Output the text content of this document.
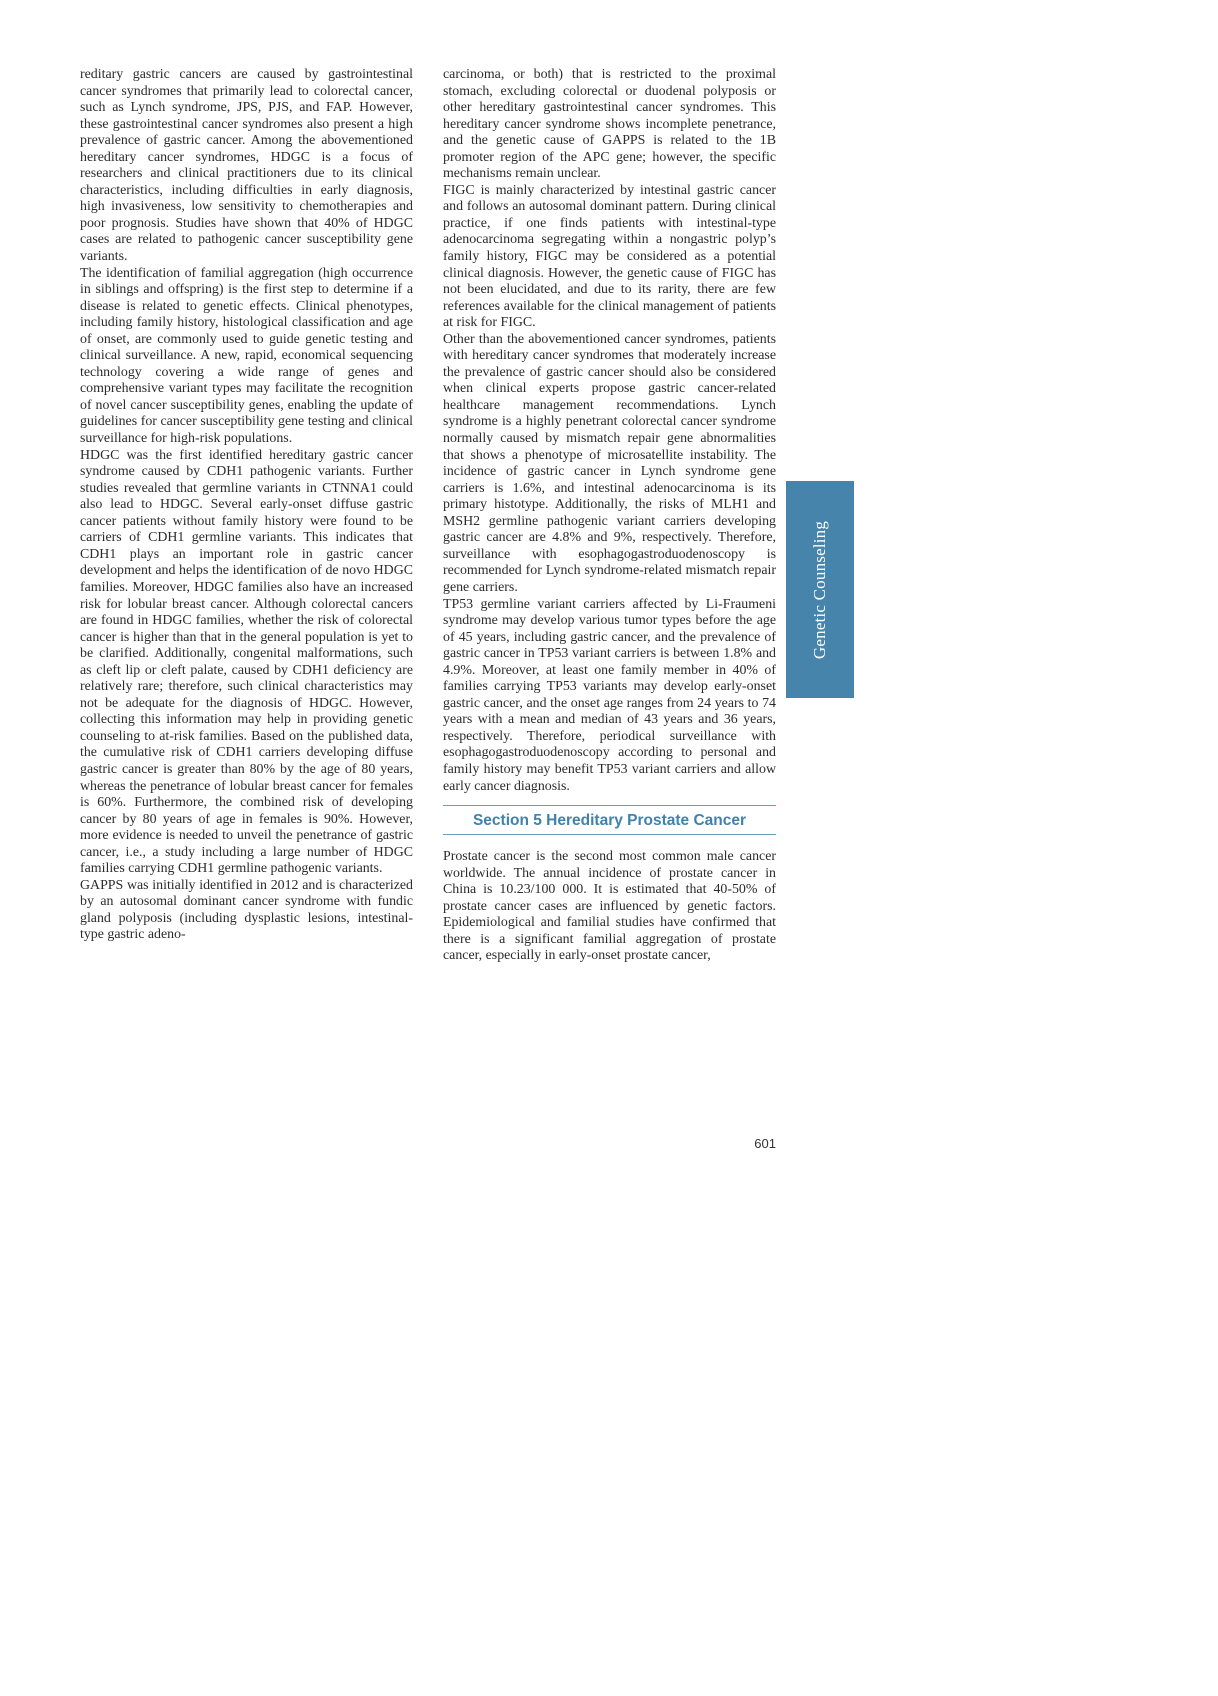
reditary gastric cancers are caused by gastrointestinal cancer syndromes that primarily lead to colorectal cancer, such as Lynch syndrome, JPS, PJS, and FAP. However, these gastrointestinal cancer syndromes also present a high prevalence of gastric cancer. Among the abovementioned hereditary cancer syndromes, HDGC is a focus of researchers and clinical practitioners due to its clinical characteristics, including difficulties in early diagnosis, high invasiveness, low sensitivity to chemotherapies and poor prognosis. Studies have shown that 40% of HDGC cases are related to pathogenic cancer susceptibility gene variants.

The identification of familial aggregation (high occurrence in siblings and offspring) is the first step to determine if a disease is related to genetic effects. Clinical phenotypes, including family history, histological classification and age of onset, are commonly used to guide genetic testing and clinical surveillance. A new, rapid, economical sequencing technology covering a wide range of genes and comprehensive variant types may facilitate the recognition of novel cancer susceptibility genes, enabling the update of guidelines for cancer susceptibility gene testing and clinical surveillance for high-risk populations.

HDGC was the first identified hereditary gastric cancer syndrome caused by CDH1 pathogenic variants. Further studies revealed that germline variants in CTNNA1 could also lead to HDGC. Several early-onset diffuse gastric cancer patients without family history were found to be carriers of CDH1 germline variants. This indicates that CDH1 plays an important role in gastric cancer development and helps the identification of de novo HDGC families. Moreover, HDGC families also have an increased risk for lobular breast cancer. Although colorectal cancers are found in HDGC families, whether the risk of colorectal cancer is higher than that in the general population is yet to be clarified. Additionally, congenital malformations, such as cleft lip or cleft palate, caused by CDH1 deficiency are relatively rare; therefore, such clinical characteristics may not be adequate for the diagnosis of HDGC. However, collecting this information may help in providing genetic counseling to at-risk families. Based on the published data, the cumulative risk of CDH1 carriers developing diffuse gastric cancer is greater than 80% by the age of 80 years, whereas the penetrance of lobular breast cancer for females is 60%. Furthermore, the combined risk of developing cancer by 80 years of age in females is 90%. However, more evidence is needed to unveil the penetrance of gastric cancer, i.e., a study including a large number of HDGC families carrying CDH1 germline pathogenic variants.

GAPPS was initially identified in 2012 and is characterized by an autosomal dominant cancer syndrome with fundic gland polyposis (including dysplastic lesions, intestinal-type gastric adeno-

carcinoma, or both) that is restricted to the proximal stomach, excluding colorectal or duodenal polyposis or other hereditary gastrointestinal cancer syndromes. This hereditary cancer syndrome shows incomplete penetrance, and the genetic cause of GAPPS is related to the 1B promoter region of the APC gene; however, the specific mechanisms remain unclear.

FIGC is mainly characterized by intestinal gastric cancer and follows an autosomal dominant pattern. During clinical practice, if one finds patients with intestinal-type adenocarcinoma segregating within a nongastric polyp’s family history, FIGC may be considered as a potential clinical diagnosis. However, the genetic cause of FIGC has not been elucidated, and due to its rarity, there are few references available for the clinical management of patients at risk for FIGC.

Other than the abovementioned cancer syndromes, patients with hereditary cancer syndromes that moderately increase the prevalence of gastric cancer should also be considered when clinical experts propose gastric cancer-related healthcare management recommendations. Lynch syndrome is a highly penetrant colorectal cancer syndrome normally caused by mismatch repair gene abnormalities that shows a phenotype of microsatellite instability. The incidence of gastric cancer in Lynch syndrome gene carriers is 1.6%, and intestinal adenocarcinoma is its primary histotype. Additionally, the risks of MLH1 and MSH2 germline pathogenic variant carriers developing gastric cancer are 4.8% and 9%, respectively. Therefore, surveillance with esophagogastroduodenoscopy is recommended for Lynch syndrome-related mismatch repair gene carriers.

TP53 germline variant carriers affected by Li-Fraumeni syndrome may develop various tumor types before the age of 45 years, including gastric cancer, and the prevalence of gastric cancer in TP53 variant carriers is between 1.8% and 4.9%. Moreover, at least one family member in 40% of families carrying TP53 variants may develop early-onset gastric cancer, and the onset age ranges from 24 years to 74 years with a mean and median of 43 years and 36 years, respectively. Therefore, periodical surveillance with esophagogastroduodenoscopy according to personal and family history may benefit TP53 variant carriers and allow early cancer diagnosis.

Section 5 Hereditary Prostate Cancer

Prostate cancer is the second most common male cancer worldwide. The annual incidence of prostate cancer in China is 10.23/100 000. It is estimated that 40-50% of prostate cancer cases are influenced by genetic factors. Epidemiological and familial studies have confirmed that there is a significant familial aggregation of prostate cancer, especially in early-onset prostate cancer,

Genetic Counseling
601
